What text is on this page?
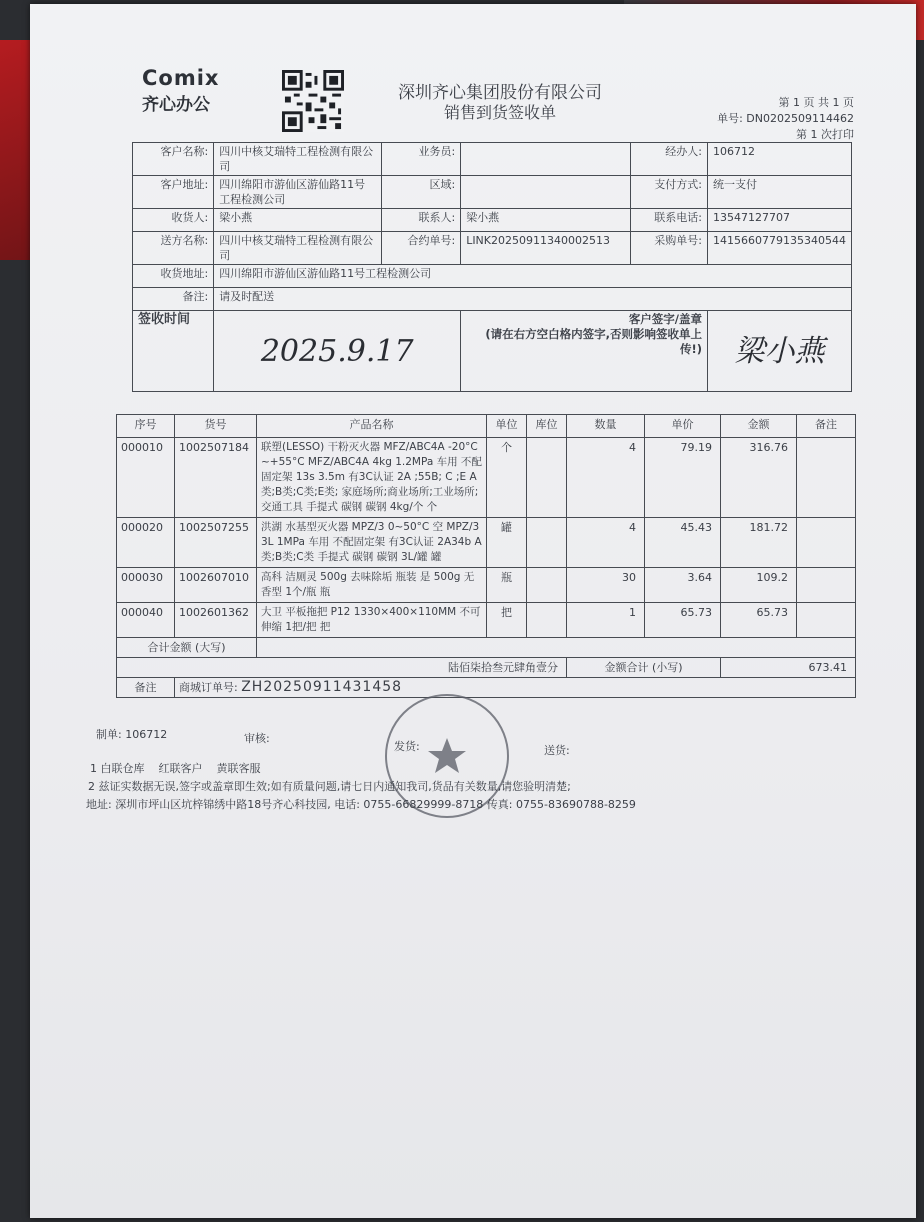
Comix
齐心办公
深圳齐心集团股份有限公司
销售到货签收单
第 1 页 共 1 页
单号: DN0202509114462
第 1 次打印
客户名称:	四川中核艾瑞特工程检测有限公司	业务员:		经办人:	106712
客户地址:	四川绵阳市游仙区游仙路11号工程检测公司	区域:		支付方式:	统一支付
收货人:	梁小燕	联系人:	梁小燕	联系电话:	13547127707
送方名称:	四川中核艾瑞特工程检测有限公司	合约单号:	LINK20250911340002513	采购单号:	1415660779135340544
收货地址:	四川绵阳市游仙区游仙路11号工程检测公司				
备注:	请及时配送				
签收时间	2025.9.17		客户签字/盖章
(请在右方空白格内签字,否则影响签收单上传!)		梁小燕
序号	货号	产品名称	单位	库位	数量	单价	金额	备注
000010	1002507184	联塑(LESSO) 干粉灭火器 MFZ/ABC4A -20°C ~+55°C MFZ/ABC4A 4kg 1.2MPa 车用 不配固定架 13s 3.5m 有3C认证 2A ;55B; C ;E A类;B类;C类;E类; 家庭场所;商业场所;工业场所;交通工具 手提式 碳钢 碳钢 4kg/个 个	个		4	79.19	316.76	
000020	1002507255	洪湖 水基型灭火器 MPZ/3 0~50°C 空 MPZ/3 3L 1MPa 车用 不配固定架 有3C认证 2A34b A类;B类;C类 手提式 碳钢 碳钢 3L/罐 罐	罐		4	45.43	181.72	
000030	1002607010	高科 洁厕灵 500g 去味除垢 瓶装 是 500g 无香型 1个/瓶 瓶	瓶		30	3.64	109.2	
000040	1002601362	大卫 平板拖把 P12 1330×400×110MM 不可伸缩 1把/把 把	把		1	65.73	65.73	
合计金额 (大写)								
陆佰柒拾叁元肆角壹分					金额合计 (小写)		673.41	
备注	商城订单号: ZH20250911431458							
制单: 106712	审核:
发货:	送货:
1 白联仓库    红联客户    黄联客服
2 兹证实数据无误,签字或盖章即生效;如有质量问题,请七日内通知我司,货品有关数量,请您验明清楚;
地址: 深圳市坪山区坑梓锦绣中路18号齐心科技园, 电话: 0755-66829999-8718 传真: 0755-83690788-8259
